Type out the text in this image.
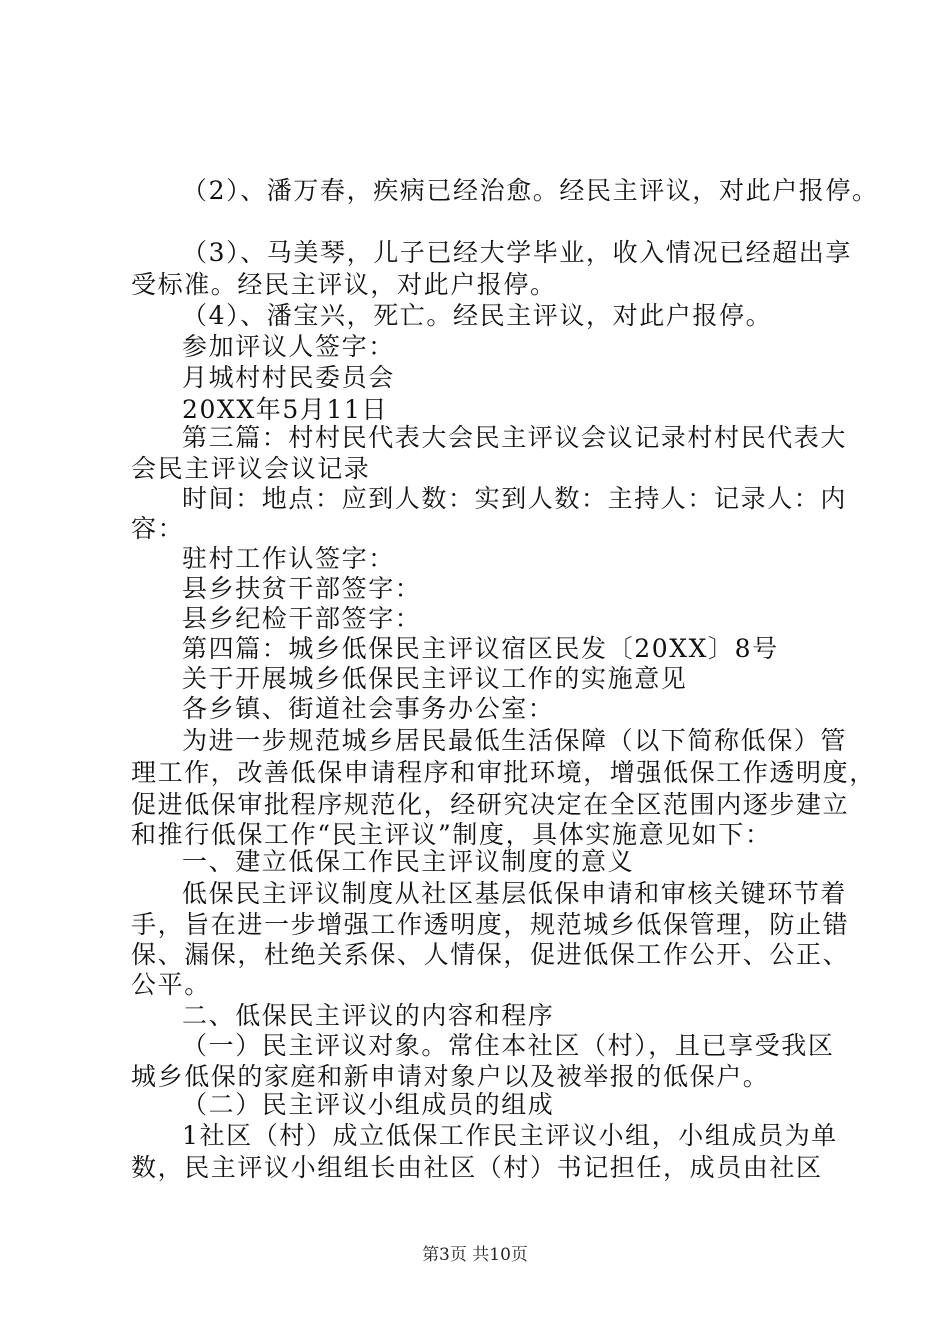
（2）、潘万春，疾病已经治愈。经民主评议，对此户报停。
（3）、马美琴，儿子已经大学毕业，收入情况已经超出享
受标准。经民主评议，对此户报停。
（4）、潘宝兴，死亡。经民主评议，对此户报停。
参加评议人签字：
月城村村民委员会
20XX年5月11日
第三篇：村村民代表大会民主评议会议记录村村民代表大
会民主评议会议记录
时间：地点：应到人数：实到人数：主持人：记录人：内
容：
驻村工作认签字：
县乡扶贫干部签字：
县乡纪检干部签字：
第四篇：城乡低保民主评议宿区民发〔20XX〕8号
关于开展城乡低保民主评议工作的实施意见
各乡镇、街道社会事务办公室：
为进一步规范城乡居民最低生活保障（以下简称低保）管
理工作，改善低保申请程序和审批环境，增强低保工作透明度，
促进低保审批程序规范化，经研究决定在全区范围内逐步建立
和推行低保工作“民主评议”制度，具体实施意见如下：
一、建立低保工作民主评议制度的意义
低保民主评议制度从社区基层低保申请和审核关键环节着
手，旨在进一步增强工作透明度，规范城乡低保管理，防止错
保、漏保，杜绝关系保、人情保，促进低保工作公开、公正、
公平。
二、低保民主评议的内容和程序
（一）民主评议对象。常住本社区（村），且已享受我区
城乡低保的家庭和新申请对象户以及被举报的低保户。
（二）民主评议小组成员的组成
1社区（村）成立低保工作民主评议小组，小组成员为单
数，民主评议小组组长由社区（村）书记担任，成员由社区
第3页 共10页
